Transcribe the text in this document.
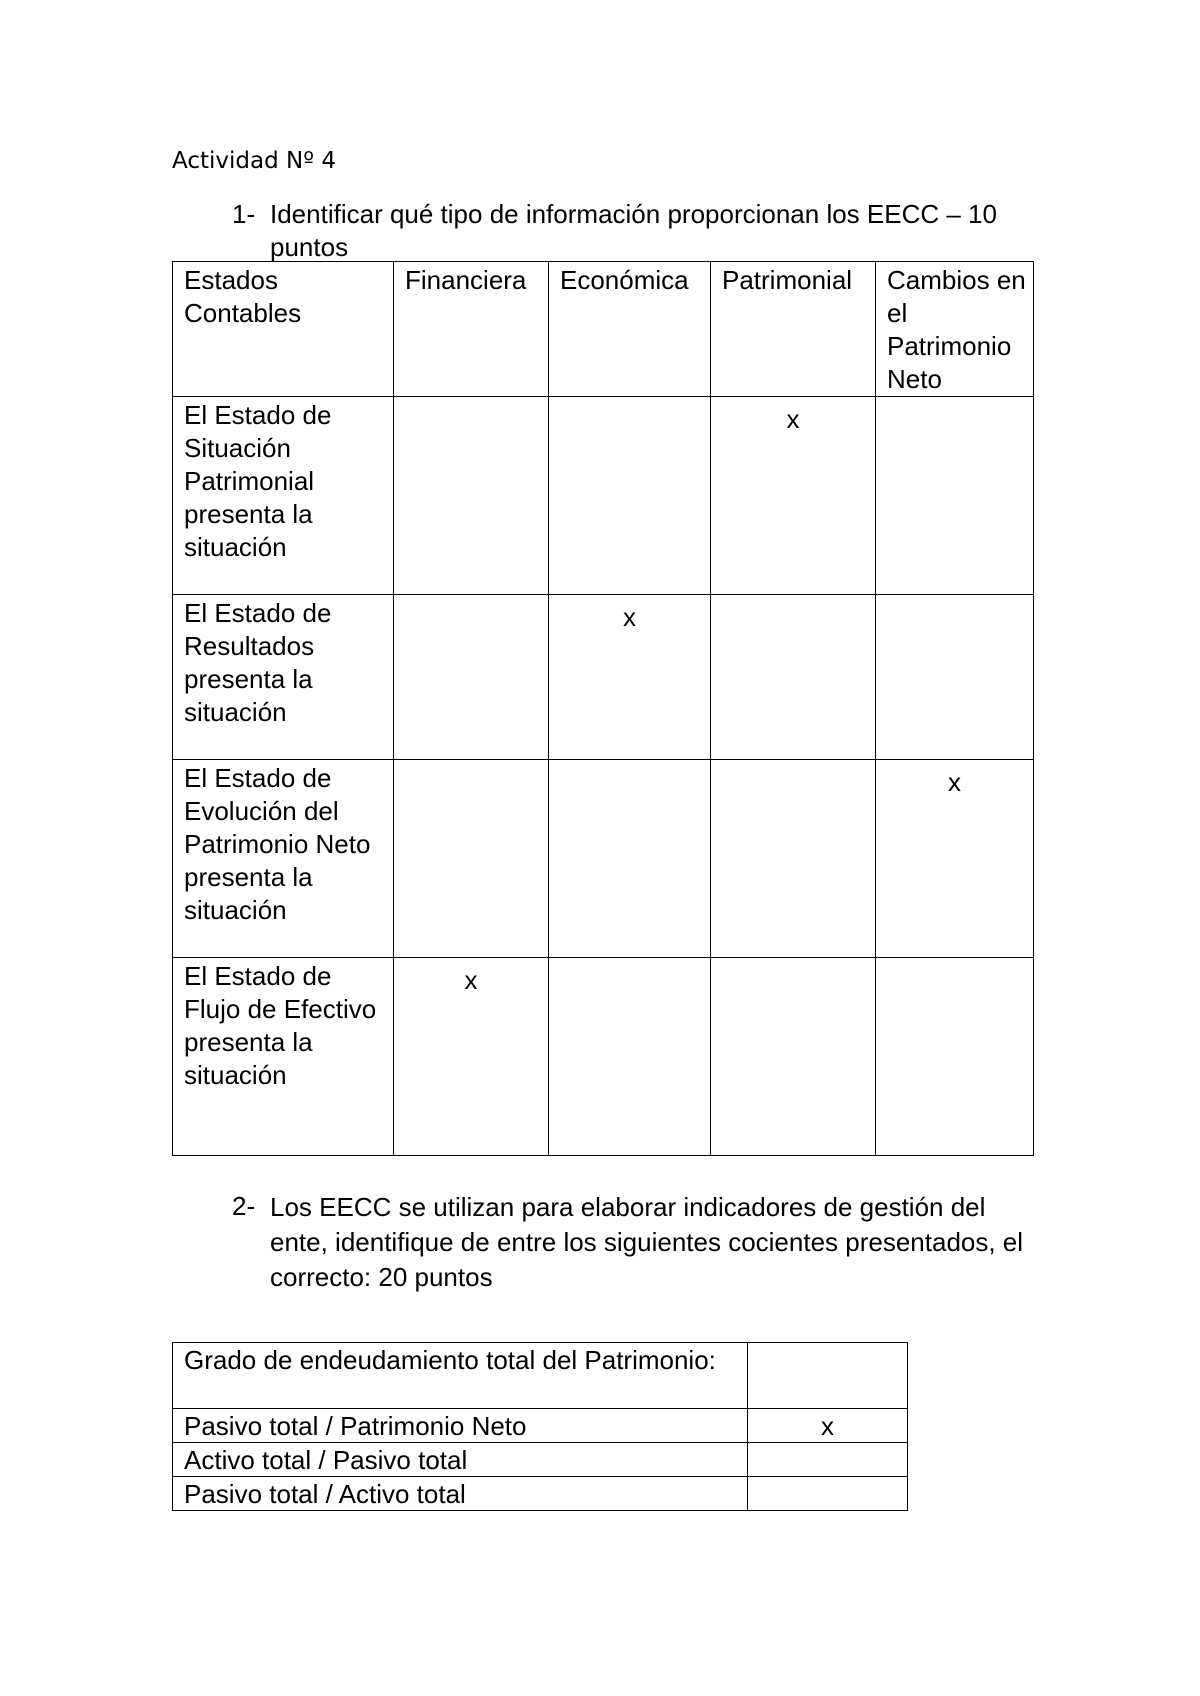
Actividad Nº 4
1- Identificar qué tipo de información proporcionan los EECC – 10 puntos
Estados Contables	Financiera	Económica	Patrimonial	Cambios en el Patrimonio Neto
El Estado de Situación Patrimonial presenta la situación			x	
El Estado de Resultados presenta la situación		x		
El Estado de Evolución del Patrimonio Neto presenta la situación				x
El Estado de Flujo de Efectivo presenta la situación	x			
2- Los EECC se utilizan para elaborar indicadores de gestión del ente, identifique de entre los siguientes cocientes presentados, el correcto: 20 puntos
Grado de endeudamiento total del Patrimonio:	
Pasivo total / Patrimonio Neto	x
Activo total / Pasivo total	
Pasivo total / Activo total	
